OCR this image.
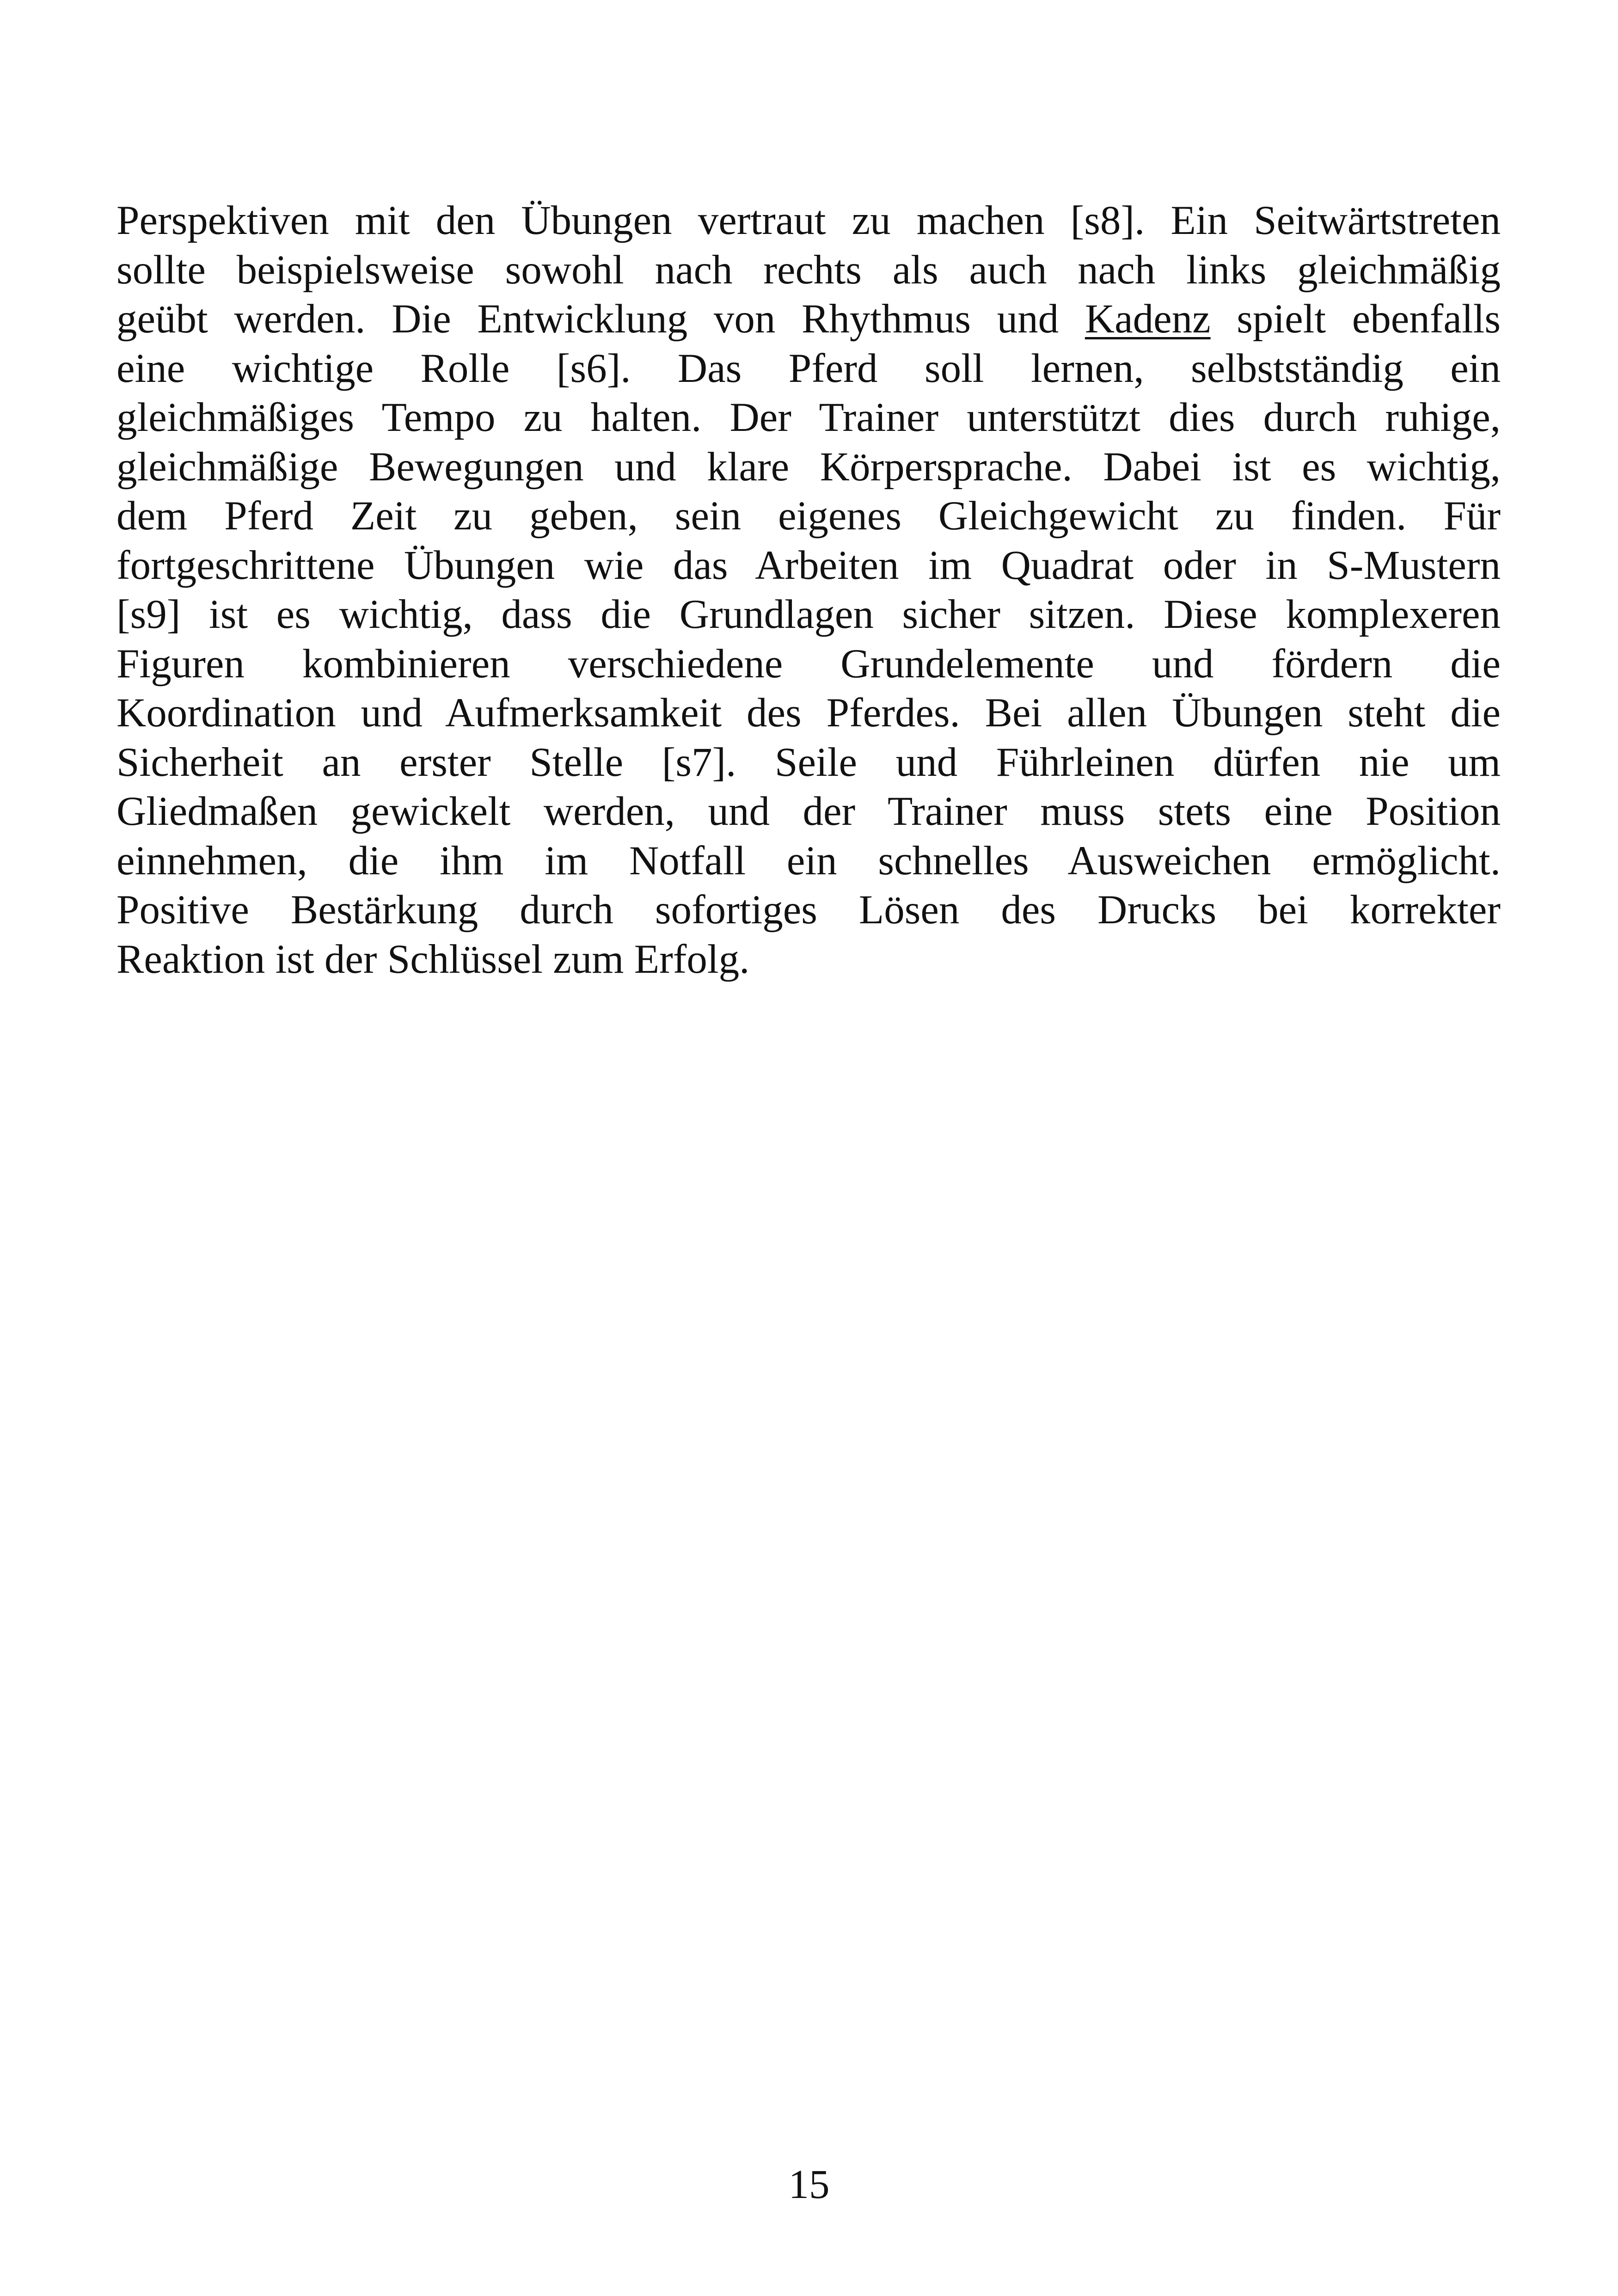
Perspektiven mit den Übungen vertraut zu machen [s8]. Ein Seitwärtstreten
sollte beispielsweise sowohl nach rechts als auch nach links gleichmäßig
geübt werden. Die Entwicklung von Rhythmus und Kadenz spielt ebenfalls
eine wichtige Rolle [s6]. Das Pferd soll lernen, selbstständig ein
gleichmäßiges Tempo zu halten. Der Trainer unterstützt dies durch ruhige,
gleichmäßige Bewegungen und klare Körpersprache. Dabei ist es wichtig,
dem Pferd Zeit zu geben, sein eigenes Gleichgewicht zu finden. Für
fortgeschrittene Übungen wie das Arbeiten im Quadrat oder in S-Mustern
[s9] ist es wichtig, dass die Grundlagen sicher sitzen. Diese komplexeren
Figuren kombinieren verschiedene Grundelemente und fördern die
Koordination und Aufmerksamkeit des Pferdes. Bei allen Übungen steht die
Sicherheit an erster Stelle [s7]. Seile und Führleinen dürfen nie um
Gliedmaßen gewickelt werden, und der Trainer muss stets eine Position
einnehmen, die ihm im Notfall ein schnelles Ausweichen ermöglicht.
Positive Bestärkung durch sofortiges Lösen des Drucks bei korrekter
Reaktion ist der Schlüssel zum Erfolg.

15
